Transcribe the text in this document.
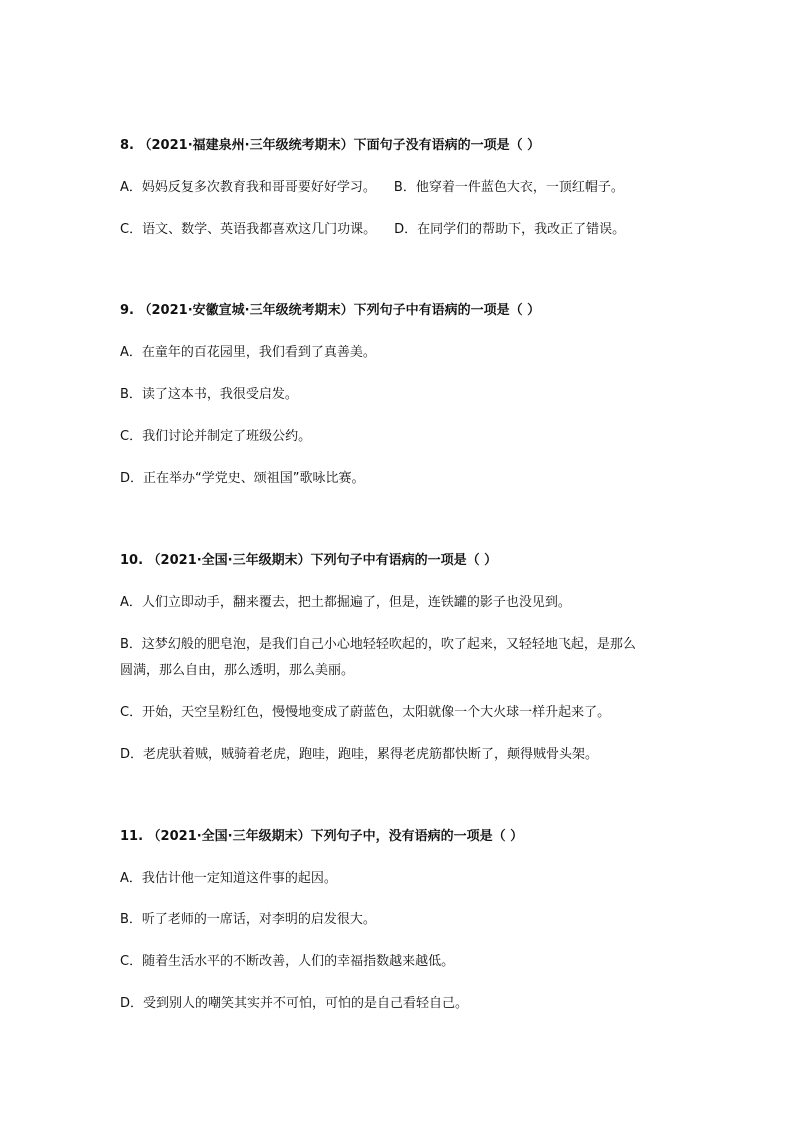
8. （2021·福建泉州·三年级统考期末）下面句子没有语病的一项是（ ）
A．妈妈反复多次教育我和哥哥要好好学习。 B．他穿着一件蓝色大衣，一顶红帽子。
C．语文、数学、英语我都喜欢这几门功课。 D．在同学们的帮助下，我改正了错误。
9. （2021·安徽宣城·三年级统考期末）下列句子中有语病的一项是（ ）
A．在童年的百花园里，我们看到了真善美。
B．读了这本书，我很受启发。
C．我们讨论并制定了班级公约。
D．正在举办“学党史、颂祖国”歌咏比赛。
10. （2021·全国·三年级期末）下列句子中有语病的一项是（ ）
A．人们立即动手，翻来覆去，把土都掘遍了，但是，连铁罐的影子也没见到。
B．这梦幻般的肥皂泡，是我们自己小心地轻轻吹起的，吹了起来，又轻轻地飞起，是那么
圆满，那么自由，那么透明，那么美丽。
C．开始，天空呈粉红色，慢慢地变成了蔚蓝色，太阳就像一个大火球一样升起来了。
D．老虎驮着贼，贼骑着老虎，跑哇，跑哇，累得老虎筋都快断了，颠得贼骨头架。
11. （2021·全国·三年级期末）下列句子中，没有语病的一项是（ ）
A．我估计他一定知道这件事的起因。
B．听了老师的一席话，对李明的启发很大。
C．随着生活水平的不断改善，人们的幸福指数越来越低。
D．受到别人的嘲笑其实并不可怕，可怕的是自己看轻自己。
